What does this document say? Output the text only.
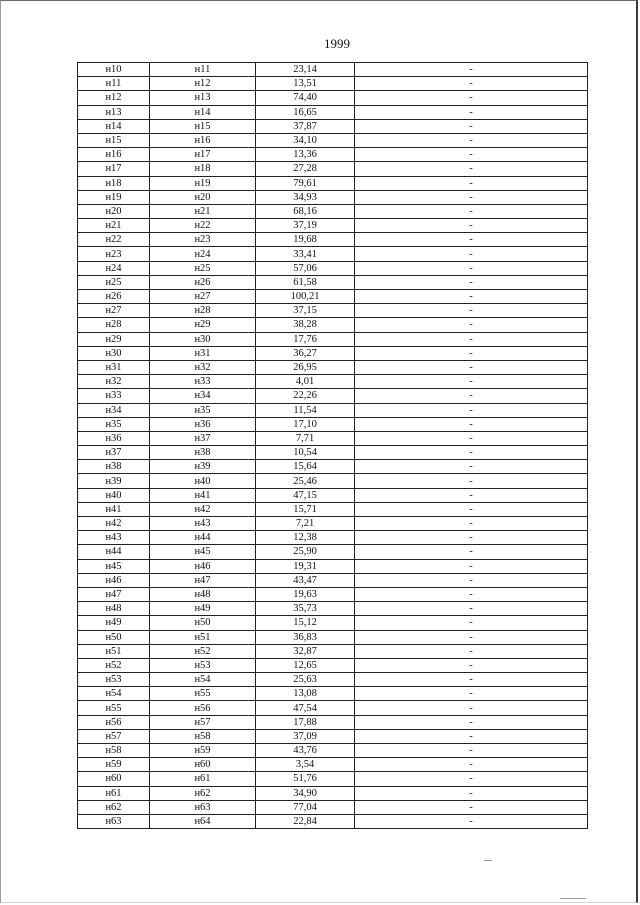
1999
н10	н11	23,14	-
н11	н12	13,51	-
н12	н13	74,40	-
н13	н14	16,65	-
н14	н15	37,87	-
н15	н16	34,10	-
н16	н17	13,36	-
н17	н18	27,28	-
н18	н19	79,61	-
н19	н20	34,93	-
н20	н21	68,16	-
н21	н22	37,19	-
н22	н23	19,68	-
н23	н24	33,41	-
н24	н25	57,06	-
н25	н26	61,58	-
н26	н27	100,21	-
н27	н28	37,15	-
н28	н29	38,28	-
н29	н30	17,76	-
н30	н31	36,27	-
н31	н32	26,95	-
н32	н33	4,01	-
н33	н34	22,26	-
н34	н35	11,54	-
н35	н36	17,10	-
н36	н37	7,71	-
н37	н38	10,54	-
н38	н39	15,64	-
н39	н40	25,46	-
н40	н41	47,15	-
н41	н42	15,71	-
н42	н43	7,21	-
н43	н44	12,38	-
н44	н45	25,90	-
н45	н46	19,31	-
н46	н47	43,47	-
н47	н48	19,63	-
н48	н49	35,73	-
н49	н50	15,12	-
н50	н51	36,83	-
н51	н52	32,87	-
н52	н53	12,65	-
н53	н54	25,63	-
н54	н55	13,08	-
н55	н56	47,54	-
н56	н57	17,88	-
н57	н58	37,09	-
н58	н59	43,76	-
н59	н60	3,54	-
н60	н61	51,76	-
н61	н62	34,90	-
н62	н63	77,04	-
н63	н64	22,84	-
